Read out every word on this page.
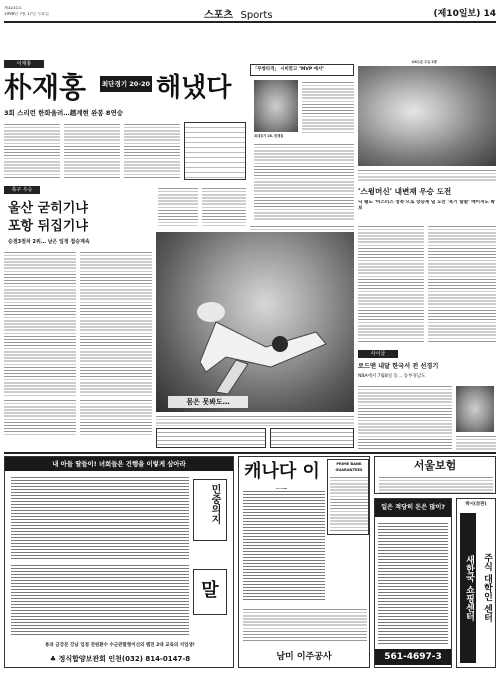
제3235호
1998년 7월 17일 수요일	스포츠 Sports	(제10일보) 14
이재홍
朴재홍	최단경기 20-20 해냈다
3회 스리런 한화울려…趙계현 완봉 8연승
「무쌍타격」 시비맞고 "MVP 예서"
최대공기 28. 한재홍
US오픈 우승 2명
'스윙머신' 내변재 우승 도전
닉 팰도 '마스터스 정복'으로 상승세 덜 노만 '흑기 탈환' 메이저도 확보
축구 우승
울산 굳히기냐
포항 뒤집기냐
승점3점차 2위… 남은 일정 접승계속
몸은 못봐도…
사이클
로드맨 내달 한국서 전 선경기
NBA에서 7월8일 동… 동부경남도
내 아들 딸들이! 녀희들은 건행을 이렇게 삼아라
민중의지
말
용과 금강문 강남 입점 전원환수 수군관할형이신의 랩전 2대 교육의 지입생!
♣ 정식합양보관회 인천(032) 814-0147-8
캐나다 이	PRIME BANK GUARANTEES
남미 이주공사
서울보험
일은 적당히 돈은 많이?
561-4697-3
박시(合판)
새한국 쇼핑센터 주식 대학인 센터
